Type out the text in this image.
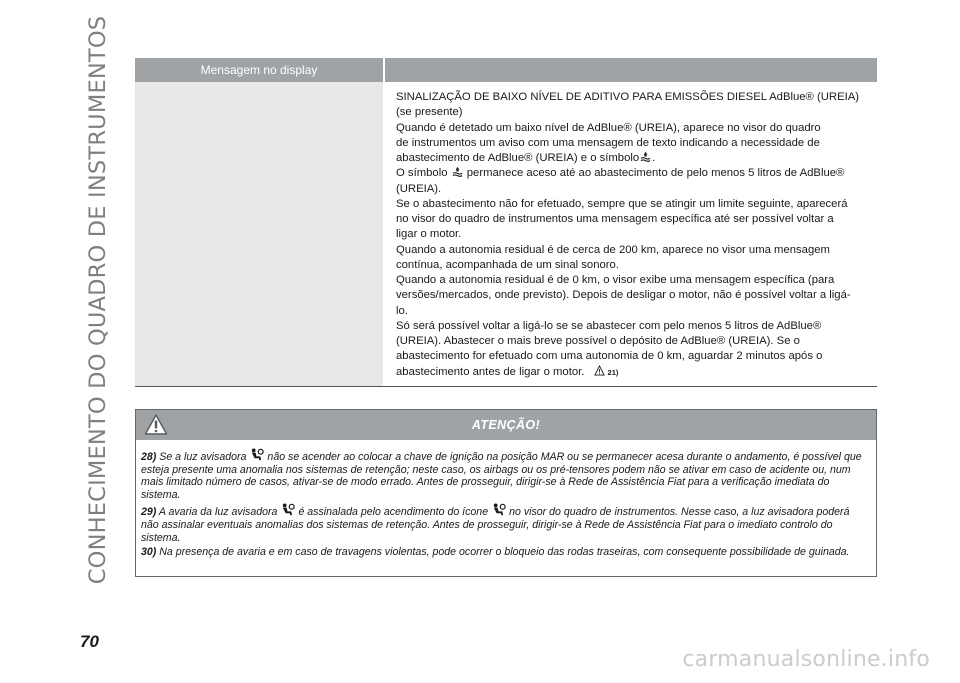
CONHECIMENTO DO QUADRO DE INSTRUMENTOS	Mensagem no display

SINALIZAÇÃO DE BAIXO NÍVEL DE ADITIVO PARA EMISSÕES DIESEL AdBlue® (UREIA)

(se presente)

Quando é detetado um baixo nível de AdBlue® (UREIA), aparece no visor do quadro

de instrumentos um aviso com uma mensagem de texto indicando a necessidade de

abastecimento de AdBlue® (UREIA) e o símbolo .

O símbolo permanece aceso até ao abastecimento de pelo menos 5 litros de AdBlue®

(UREIA).

Se o abastecimento não for efetuado, sempre que se atingir um limite seguinte, aparecerá

no visor do quadro de instrumentos uma mensagem específica até ser possível voltar a

ligar o motor.

Quando a autonomia residual é de cerca de 200 km, aparece no visor uma mensagem

contínua, acompanhada de um sinal sonoro.

Quando a autonomia residual é de 0 km, o visor exibe uma mensagem específica (para

versões/mercados, onde previsto). Depois de desligar o motor, não é possível voltar a ligá-

lo.

Só será possível voltar a ligá-lo se se abastecer com pelo menos 5 litros de AdBlue®

(UREIA). Abastecer o mais breve possível o depósito de AdBlue® (UREIA). Se o

abastecimento for efetuado com uma autonomia de 0 km, aguardar 2 minutos após o

abastecimento antes de ligar o motor.	21)

ATENÇÃO!

28) Se a luz avisadora não se acender ao colocar a chave de ignição na posição MAR ou se permanecer acesa durante o andamento, é possível que esteja presente uma anomalia nos sistemas de retenção; neste caso, os airbags ou os pré-tensores podem não se ativar em caso de acidente ou, num mais limitado número de casos, ativar-se de modo errado. Antes de prosseguir, dirigir-se à Rede de Assistência Fiat para a verificação imediata do sistema.

29) A avaria da luz avisadora é assinalada pelo acendimento do ícone no visor do quadro de instrumentos. Nesse caso, a luz avisadora poderá não assinalar eventuais anomalias dos sistemas de retenção. Antes de prosseguir, dirigir-se à Rede de Assistência Fiat para o imediato controlo do sistema.

30) Na presença de avaria e em caso de travagens violentas, pode ocorrer o bloqueio das rodas traseiras, com consequente possibilidade de guinada.

70
carmanualsonline.info
